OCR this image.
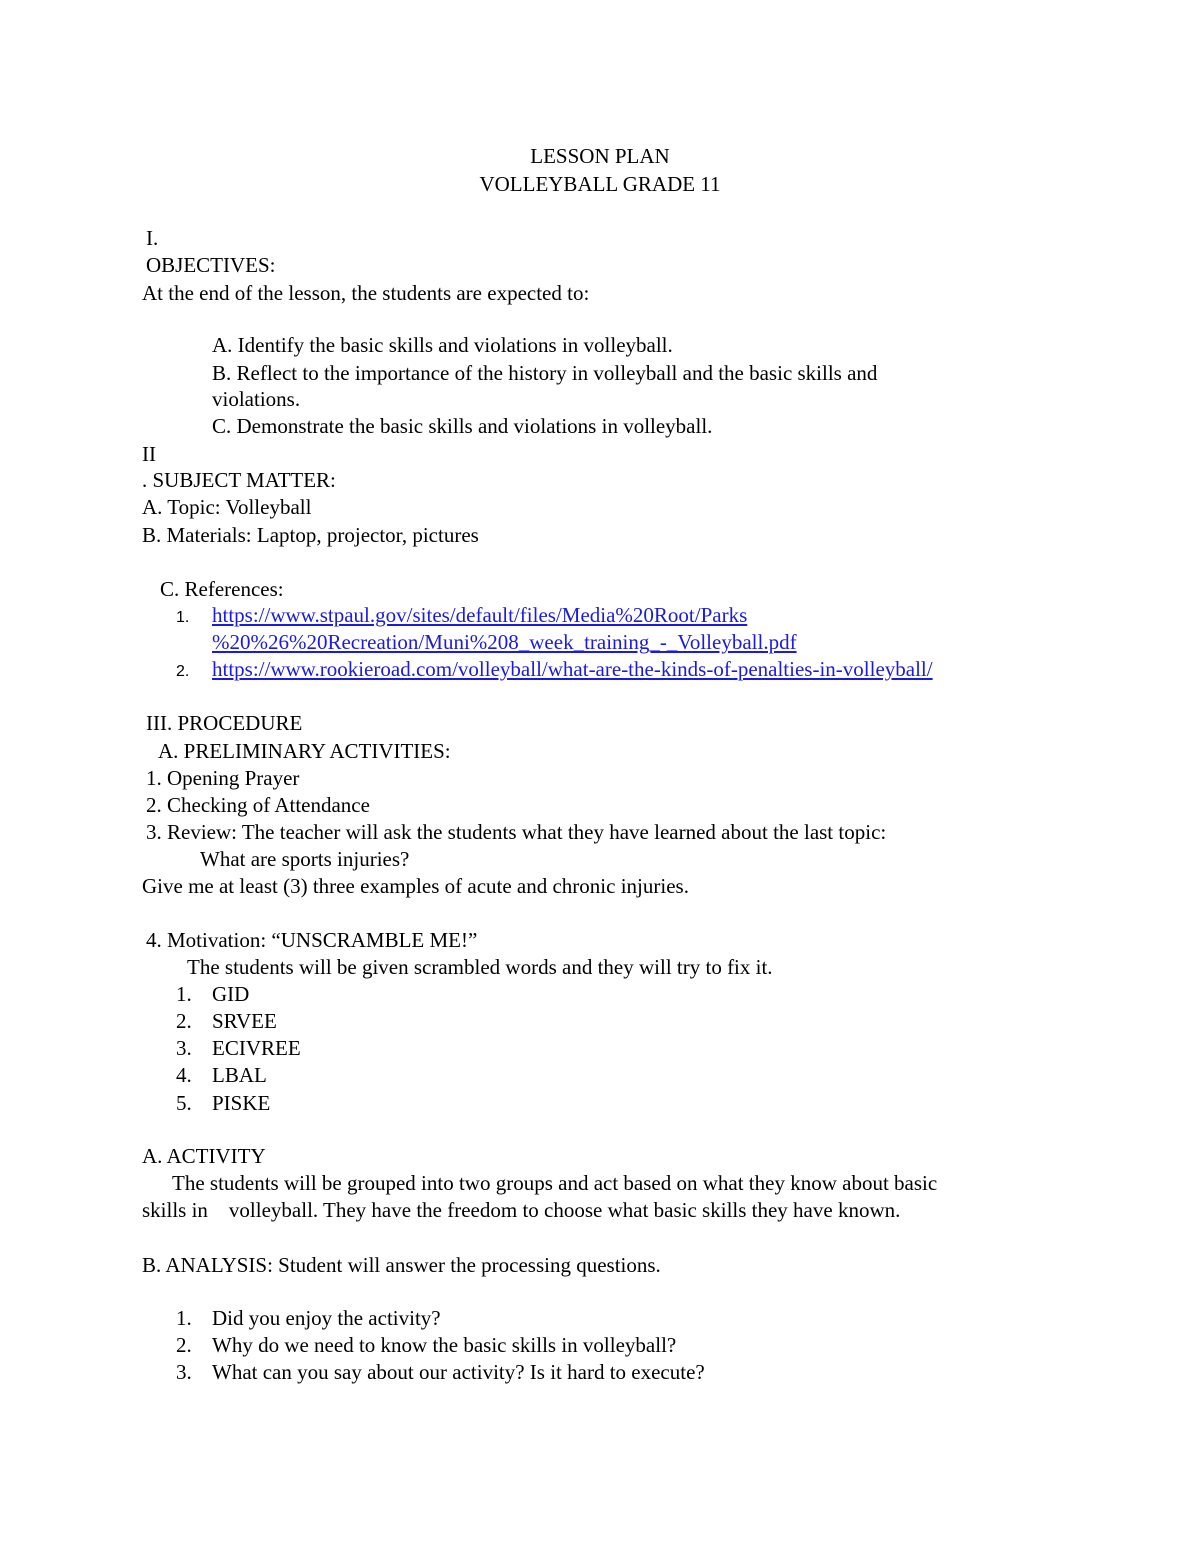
LESSON PLAN
VOLLEYBALL GRADE 11
I.
OBJECTIVES:
At the end of the lesson, the students are expected to:
A. Identify the basic skills and violations in volleyball.
B. Reflect to the importance of the history in volleyball and the basic skills and
violations.
C. Demonstrate the basic skills and violations in volleyball.
II
. SUBJECT MATTER:
A. Topic: Volleyball
B. Materials: Laptop, projector, pictures
C. References:
1. https://www.stpaul.gov/sites/default/files/Media%20Root/Parks
%20%26%20Recreation/Muni%208_week_training_-_Volleyball.pdf
2. https://www.rookieroad.com/volleyball/what-are-the-kinds-of-penalties-in-volleyball/
III. PROCEDURE
A. PRELIMINARY ACTIVITIES:
1. Opening Prayer
2. Checking of Attendance
3. Review: The teacher will ask the students what they have learned about the last topic:
What are sports injuries?
Give me at least (3) three examples of acute and chronic injuries.
4. Motivation: “UNSCRAMBLE ME!”
The students will be given scrambled words and they will try to fix it.
1. GID
2. SRVEE
3. ECIVREE
4. LBAL
5. PISKE
A. ACTIVITY
The students will be grouped into two groups and act based on what they know about basic
skills in    volleyball. They have the freedom to choose what basic skills they have known.
B. ANALYSIS: Student will answer the processing questions.
1. Did you enjoy the activity?
2. Why do we need to know the basic skills in volleyball?
3. What can you say about our activity? Is it hard to execute?
